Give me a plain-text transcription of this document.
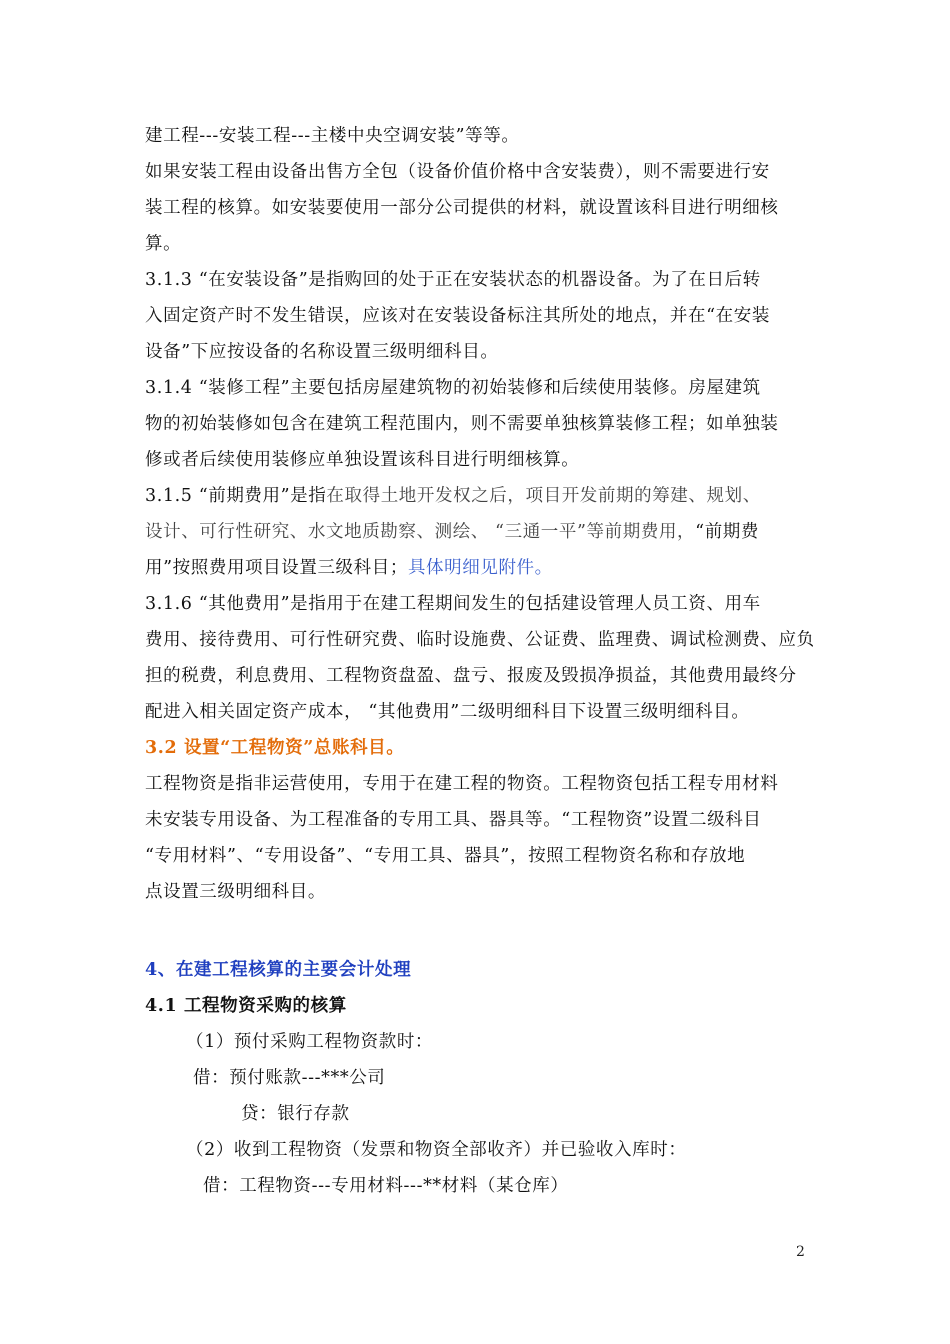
建工程---安装工程---主楼中央空调安装”等等。
如果安装工程由设备出售方全包（设备价值价格中含安装费），则不需要进行安
装工程的核算。如安装要使用一部分公司提供的材料，就设置该科目进行明细核
算。
3.1.3 “在安装设备”是指购回的处于正在安装状态的机器设备。为了在日后转
入固定资产时不发生错误，应该对在安装设备标注其所处的地点，并在“在安装
设备”下应按设备的名称设置三级明细科目。
3.1.4 “装修工程”主要包括房屋建筑物的初始装修和后续使用装修。房屋建筑
物的初始装修如包含在建筑工程范围内，则不需要单独核算装修工程；如单独装
修或者后续使用装修应单独设置该科目进行明细核算。
3.1.5 “前期费用”是指在取得土地开发权之后，项目开发前期的筹建、规划、
设计、可行性研究、水文地质勘察、测绘、 “三通一平”等前期费用，“前期费
用”按照费用项目设置三级科目；具体明细见附件。
3.1.6 “其他费用”是指用于在建工程期间发生的包括建设管理人员工资、用车
费用、接待费用、可行性研究费、临时设施费、公证费、监理费、调试检测费、应负
担的税费，利息费用、工程物资盘盈、盘亏、报废及毁损净损益，其他费用最终分
配进入相关固定资产成本， “其他费用”二级明细科目下设置三级明细科目。
3.2 设置“工程物资”总账科目。
工程物资是指非运营使用，专用于在建工程的物资。工程物资包括工程专用材料
未安装专用设备、为工程准备的专用工具、器具等。“工程物资”设置二级科目
“专用材料”、“专用设备”、“专用工具、器具”，按照工程物资名称和存放地
点设置三级明细科目。
4、在建工程核算的主要会计处理
4.1 工程物资采购的核算
（1）预付采购工程物资款时：
借：预付账款---***公司
贷：银行存款
（2）收到工程物资（发票和物资全部收齐）并已验收入库时：
借：工程物资---专用材料---**材料（某仓库）
2
